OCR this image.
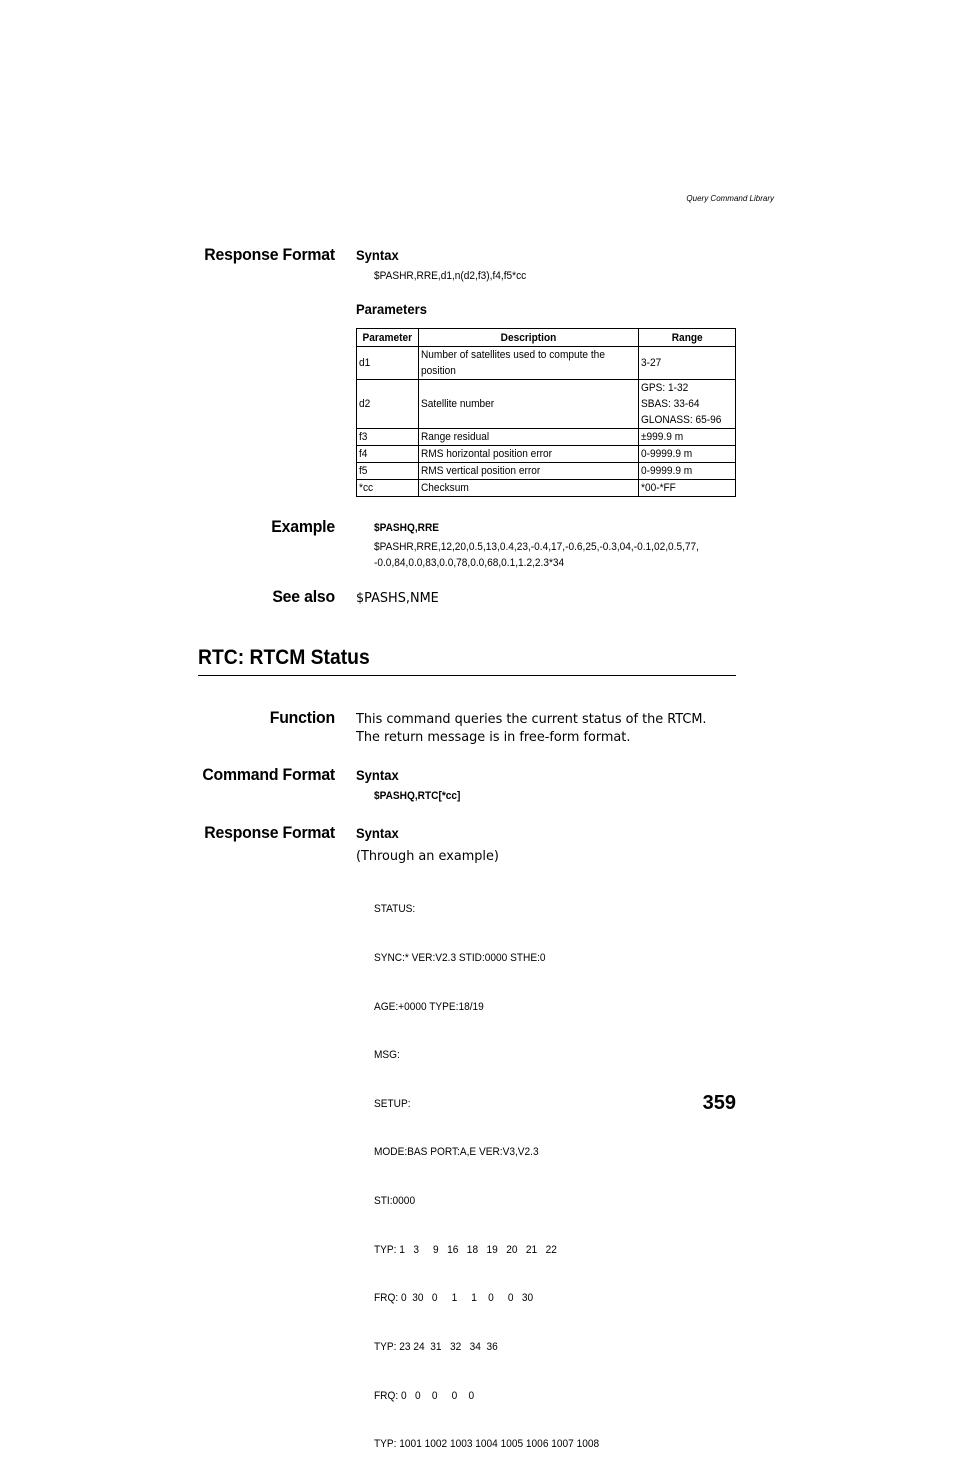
Query Command Library
Response Format Syntax
$PASHR,RRE,d1,n(d2,f3),f4,f5*cc
Parameters
Parameter	Description	Range

d1	Number of satellites used to compute the position	3-27

d2	Satellite number	GPS: 1-32
SBAS: 33-64
GLONASS: 65-96

f3	Range residual	±999.9 m

f4	RMS horizontal position error	0-9999.9 m

f5	RMS vertical position error	0-9999.9 m

*cc	Checksum	*00-*FF
Example	$PASHQ,RRE
$PASHR,RRE,12,20,0.5,13,0.4,23,-0.4,17,-0.6,25,-0.3,04,-0.1,02,0.5,77,
-0.0,84,0.0,83,0.0,78,0.0,68,0.1,1.2,2.3*34
See also $PASHS,NME
RTC: RTCM Status
Function This command queries the current status of the RTCM. The return message is in free-form format.
Command Format Syntax
$PASHQ,RTC[*cc]
Response Format Syntax
(Through an example)

STATUS:

SYNC:* VER:V2.3 STID:0000 STHE:0

AGE:+0000 TYPE:18/19

MSG:

SETUP:

MODE:BAS PORT:A,E VER:V3,V2.3

STI:0000

TYP: 1   3     9   16   18   19   20   21   22

FRQ: 0  30   0     1     1    0     0   30

TYP: 23 24  31   32   34  36

FRQ: 0   0    0     0    0

TYP: 1001 1002 1003 1004 1005 1006 1007 1008

359
